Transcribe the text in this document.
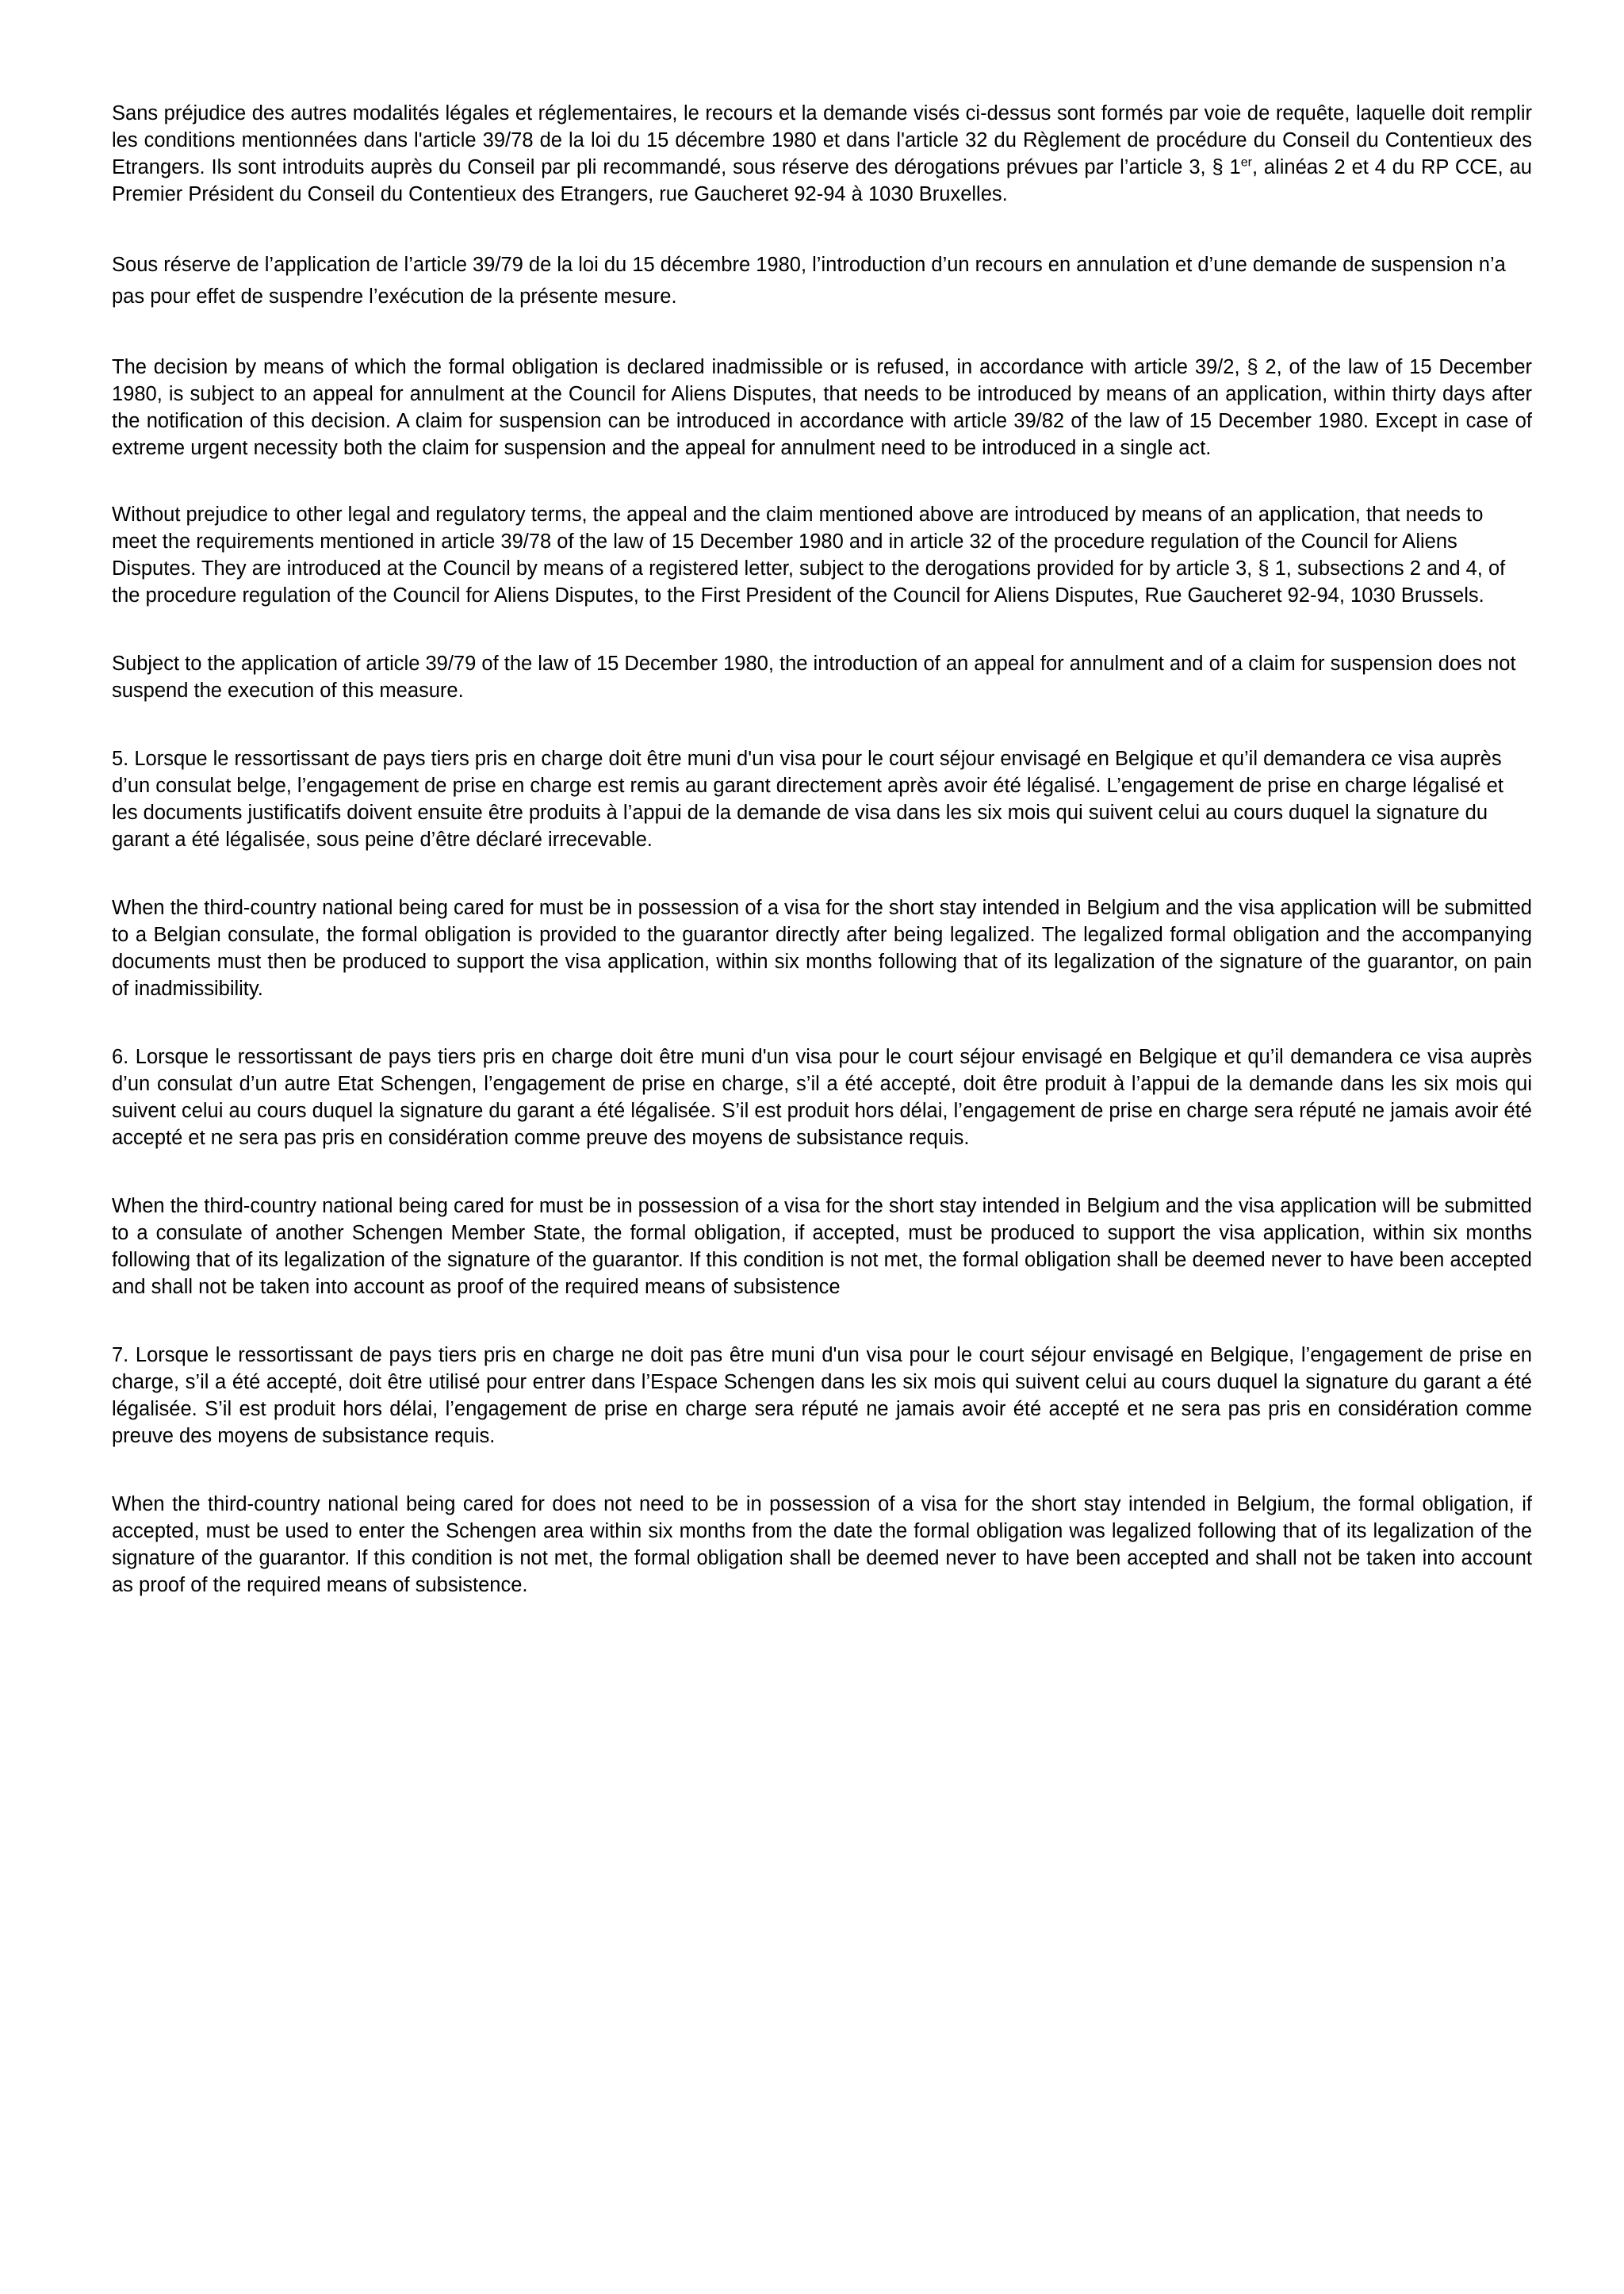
Sans préjudice des autres modalités légales et réglementaires, le recours et la demande visés ci-dessus sont formés par voie de requête, laquelle doit remplir les conditions mentionnées dans l'article 39/78 de la loi du 15 décembre 1980 et dans l'article 32 du Règlement de procédure du Conseil du Contentieux des Etrangers. Ils sont introduits auprès du Conseil par pli recommandé, sous réserve des dérogations prévues par l’article 3, § 1er, alinéas 2 et 4 du RP CCE, au Premier Président du Conseil du Contentieux des Etrangers, rue Gaucheret 92-94 à 1030 Bruxelles.

Sous réserve de l’application de l’article 39/79 de la loi du 15 décembre 1980, l’introduction d’un recours en annulation et d’une demande de suspension n’a pas pour effet de suspendre l’exécution de la présente mesure.

The decision by means of which the formal obligation is declared inadmissible or is refused, in accordance with article 39/2, § 2, of the law of 15 December 1980, is subject to an appeal for annulment at the Council for Aliens Disputes, that needs to be introduced by means of an application, within thirty days after the notification of this decision. A claim for suspension can be introduced in accordance with article 39/82 of the law of 15 December 1980. Except in case of extreme urgent necessity both the claim for suspension and the appeal for annulment need to be introduced in a single act.

Without prejudice to other legal and regulatory terms, the appeal and the claim mentioned above are introduced by means of an application, that needs to meet the requirements mentioned in article 39/78 of the law of 15 December 1980 and in article 32 of the procedure regulation of the Council for Aliens Disputes. They are introduced at the Council by means of a registered letter, subject to the derogations provided for by article 3, § 1, subsections 2 and 4, of the procedure regulation of the Council for Aliens Disputes, to the First President of the Council for Aliens Disputes, Rue Gaucheret 92-94, 1030 Brussels.

Subject to the application of article 39/79 of the law of 15 December 1980, the introduction of an appeal for annulment and of a claim for suspension does not suspend the execution of this measure.

5. Lorsque le ressortissant de pays tiers pris en charge doit être muni d'un visa pour le court séjour envisagé en Belgique et qu’il demandera ce visa auprès d’un consulat belge, l’engagement de prise en charge est remis au garant directement après avoir été légalisé. L’engagement de prise en charge légalisé et les documents justificatifs doivent ensuite être produits à l’appui de la demande de visa dans les six mois qui suivent celui au cours duquel la signature du garant a été légalisée, sous peine d’être déclaré irrecevable.

When the third-country national being cared for must be in possession of a visa for the short stay intended in Belgium and the visa application will be submitted to a Belgian consulate, the formal obligation is provided to the guarantor directly after being legalized. The legalized formal obligation and the accompanying documents must then be produced to support the visa application, within six months following that of its legalization of the signature of the guarantor, on pain of inadmissibility.

6. Lorsque le ressortissant de pays tiers pris en charge doit être muni d'un visa pour le court séjour envisagé en Belgique et qu’il demandera ce visa auprès d’un consulat d’un autre Etat Schengen, l’engagement de prise en charge, s’il a été accepté, doit être produit à l’appui de la demande dans les six mois qui suivent celui au cours duquel la signature du garant a été légalisée. S’il est produit hors délai, l’engagement de prise en charge sera réputé ne jamais avoir été accepté et ne sera pas pris en considération comme preuve des moyens de subsistance requis.

When the third-country national being cared for must be in possession of a visa for the short stay intended in Belgium and the visa application will be submitted to a consulate of another Schengen Member State, the formal obligation, if accepted, must be produced to support the visa application, within six months following that of its legalization of the signature of the guarantor. If this condition is not met, the formal obligation shall be deemed never to have been accepted and shall not be taken into account as proof of the required means of subsistence

7. Lorsque le ressortissant de pays tiers pris en charge ne doit pas être muni d'un visa pour le court séjour envisagé en Belgique, l’engagement de prise en charge, s’il a été accepté, doit être utilisé pour entrer dans l’Espace Schengen dans les six mois qui suivent celui au cours duquel la signature du garant a été légalisée. S’il est produit hors délai, l’engagement de prise en charge sera réputé ne jamais avoir été accepté et ne sera pas pris en considération comme preuve des moyens de subsistance requis.

When the third-country national being cared for does not need to be in possession of a visa for the short stay intended in Belgium, the formal obligation, if accepted, must be used to enter the Schengen area within six months from the date the formal obligation was legalized following that of its legalization of the signature of the guarantor. If this condition is not met, the formal obligation shall be deemed never to have been accepted and shall not be taken into account as proof of the required means of subsistence.
